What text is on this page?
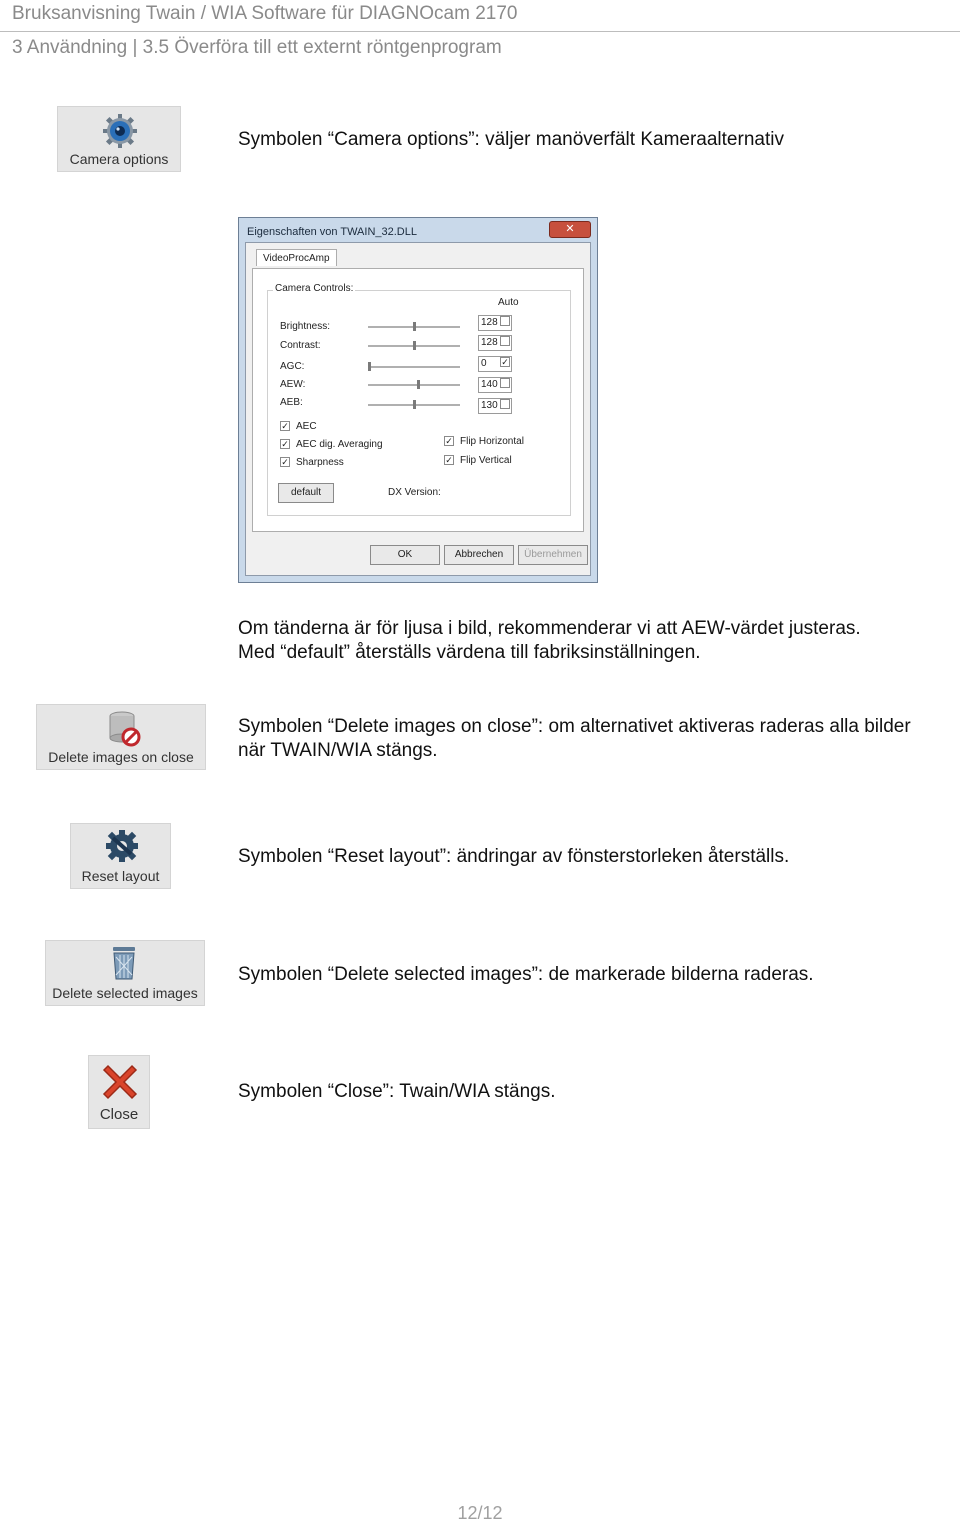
Bruksanvisning Twain / WIA Software für DIAGNOcam 2170
3 Användning | 3.5 Överföra till ett externt röntgenprogram
Camera options
Symbolen “Camera options”: väljer manöverfält Kameraalternativ
Eigenschaften von TWAIN_32.DLL	✕
VideoProcAmp
Auto
Brightness:	128
Contrast:	128
AGC:	0	✓
AEW:	140
AEB:	130
✓ AEC
✓ AEC dig. Averaging
✓ Sharpness
✓ Flip Horizontal
✓ Flip Vertical
default	DX Version:
Camera Controls:
OK	Abbrechen	Übernehmen
Om tänderna är för ljusa i bild, rekommenderar vi att AEW-värdet justeras.
Med “default” återställs värdena till fabriksinställningen.
Delete images on close
Symbolen “Delete images on close”: om alternativet aktiveras raderas alla bilder
när TWAIN/WIA stängs.
Reset layout
Symbolen “Reset layout”: ändringar av fönsterstorleken återställs.
Delete selected images
Symbolen “Delete selected images”: de markerade bilderna raderas.
Close
Symbolen “Close”: Twain/WIA stängs.
12/12
